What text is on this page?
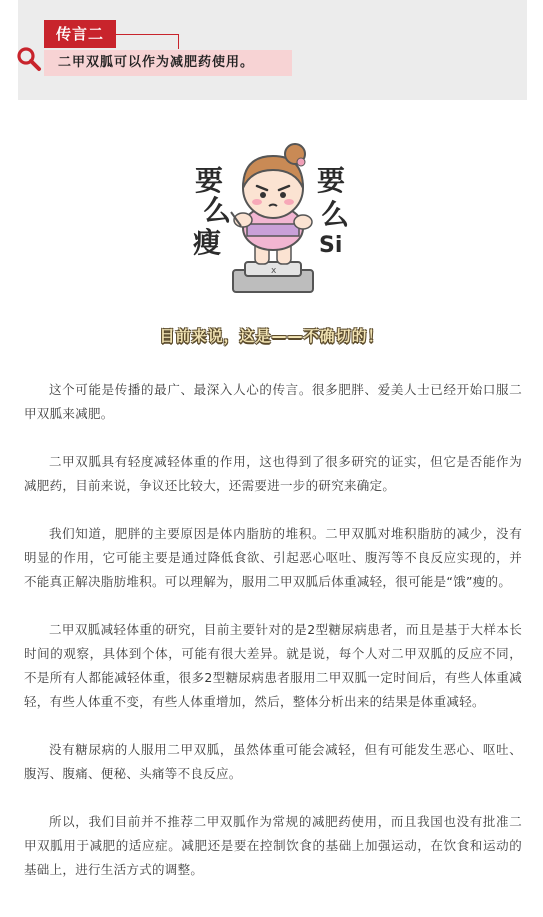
传言二
二甲双胍可以作为减肥药使用。
要
么
瘦
要
么
Si
x
目前来说，这是——不确切的！

这个可能是传播的最广、最深入人心的传言。很多肥胖、爱美人士已经开始口服二甲双胍来减肥。

二甲双胍具有轻度减轻体重的作用，这也得到了很多研究的证实，但它是否能作为减肥药，目前来说，争议还比较大，还需要进一步的研究来确定。

我们知道，肥胖的主要原因是体内脂肪的堆积。二甲双胍对堆积脂肪的减少，没有明显的作用，它可能主要是通过降低食欲、引起恶心呕吐、腹泻等不良反应实现的，并不能真正解决脂肪堆积。可以理解为，服用二甲双胍后体重减轻，很可能是“饿”瘦的。

二甲双胍减轻体重的研究，目前主要针对的是2型糖尿病患者，而且是基于大样本长时间的观察，具体到个体，可能有很大差异。就是说，每个人对二甲双胍的反应不同，不是所有人都能减轻体重，很多2型糖尿病患者服用二甲双胍一定时间后，有些人体重减轻，有些人体重不变，有些人体重增加，然后，整体分析出来的结果是体重减轻。

没有糖尿病的人服用二甲双胍，虽然体重可能会减轻，但有可能发生恶心、呕吐、腹泻、腹痛、便秘、头痛等不良反应。

所以，我们目前并不推荐二甲双胍作为常规的减肥药使用，而且我国也没有批准二甲双胍用于减肥的适应症。减肥还是要在控制饮食的基础上加强运动，在饮食和运动的基础上，进行生活方式的调整。
